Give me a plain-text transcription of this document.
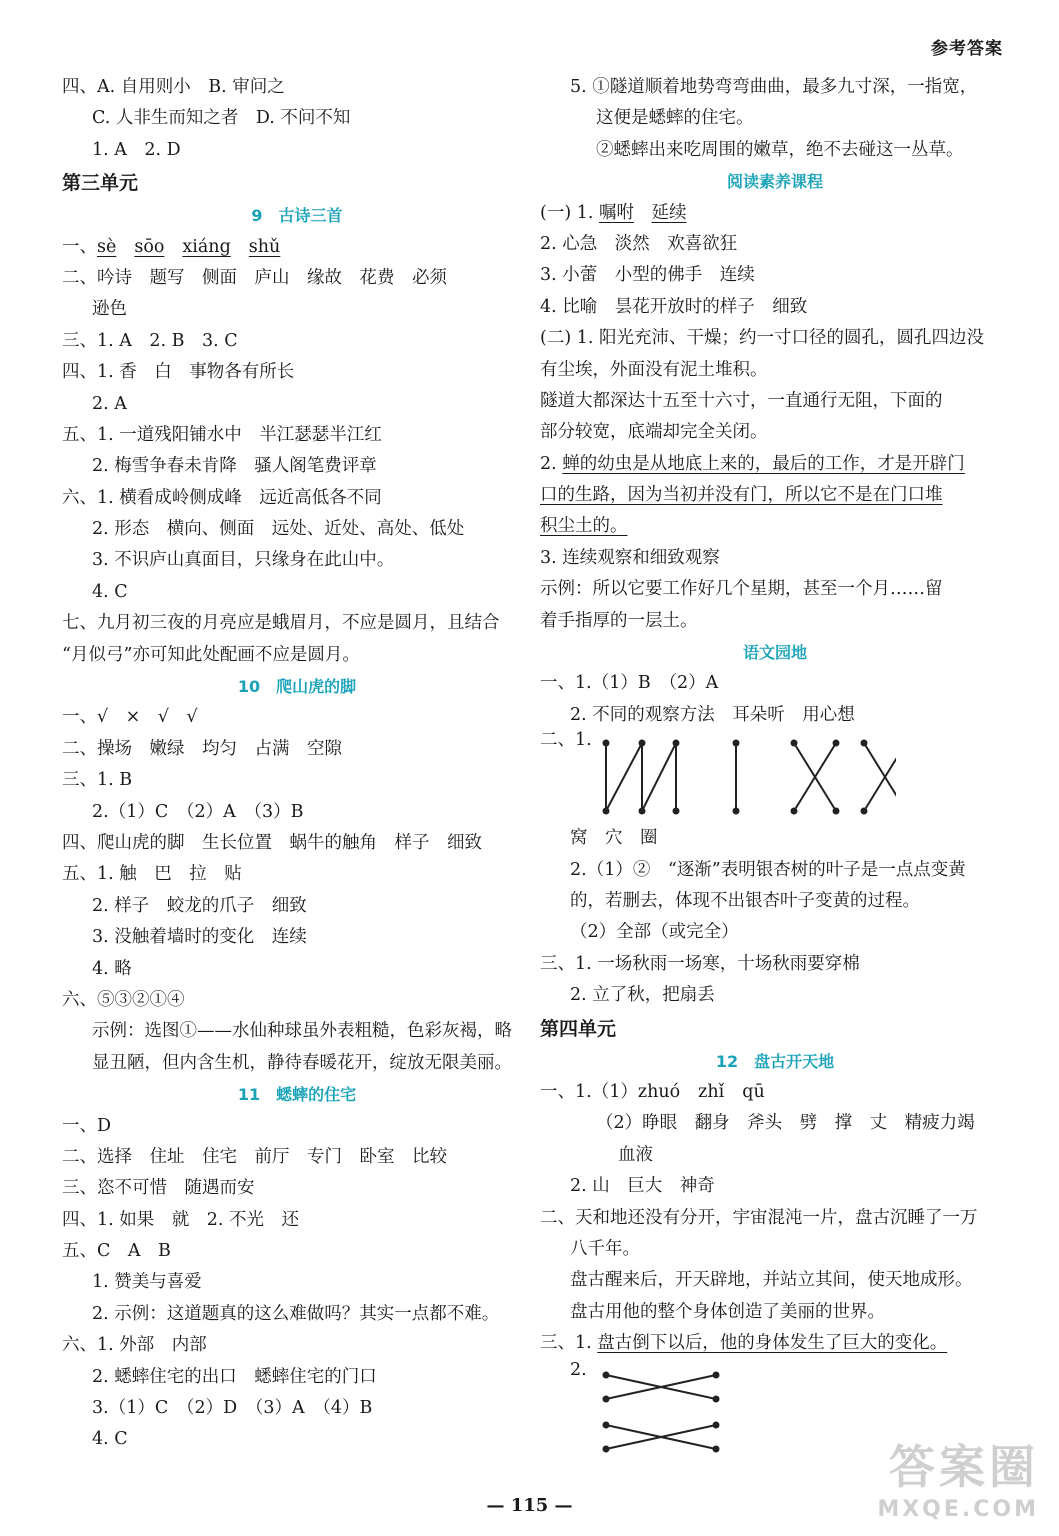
参考答案
四、A. 自用则小　B. 审问之
C. 人非生而知之者　D. 不问不知
1. A　2. D
第三单元
9　古诗三首
一、sè sōo xiáng shǔ
二、吟诗　题写　侧面　庐山　缘故　花费　必须
逊色
三、1. A　2. B　3. C
四、1. 香　白　事物各有所长
2. A
五、1. 一道残阳铺水中　半江瑟瑟半江红
2. 梅雪争春未肯降　骚人阁笔费评章
六、1. 横看成岭侧成峰　远近高低各不同
2. 形态　横向、侧面　远处、近处、高处、低处
3. 不识庐山真面目，只缘身在此山中。
4. C
七、九月初三夜的月亮应是蛾眉月，不应是圆月，且结合
“月似弓”亦可知此处配画不应是圆月。
10　爬山虎的脚
一、√　×　√　√
二、操场　嫩绿　均匀　占满　空隙
三、1. B
2.（1）C　（2）A　（3）B
四、爬山虎的脚　生长位置　蜗牛的触角　样子　细致
五、1. 触　巴　拉　贴
2. 样子　蛟龙的爪子　细致
3. 没触着墙时的变化　连续
4. 略
六、⑤③②①④
示例：选图①——水仙种球虽外表粗糙，色彩灰褐，略
显丑陋，但内含生机，静待春暖花开，绽放无限美丽。
11　蟋蟀的住宅
一、D
二、选择　住址　住宅　前厅　专门　卧室　比较
三、恣不可惜　随遇而安
四、1. 如果　就　2. 不光　还
五、C　A　B
1. 赞美与喜爱
2. 示例：这道题真的这么难做吗？其实一点都不难。
六、1. 外部　内部
2. 蟋蟀住宅的出口　蟋蟀住宅的门口
3.（1）C　（2）D　（3）A　（4）B
4. C
5. ①隧道顺着地势弯弯曲曲，最多九寸深，一指宽，
这便是蟋蟀的住宅。
②蟋蟀出来吃周围的嫩草，绝不去碰这一丛草。
阅读素养课程
(一) 1. 嘱咐　 延续
2. 心急　淡然　欢喜欲狂
3. 小蕾　小型的佛手　连续
4. 比喻　昙花开放时的样子　细致
(二) 1. 阳光充沛、干燥；约一寸口径的圆孔，圆孔四边没
有尘埃，外面没有泥土堆积。
隧道大都深达十五至十六寸，一直通行无阻，下面的
部分较宽，底端却完全关闭。
2. 蝉的幼虫是从地底上来的，最后的工作，才是开辟门
口的生路，因为当初并没有门，所以它不是在门口堆
积尘土的。
3. 连续观察和细致观察
示例：所以它要工作好几个星期，甚至一个月……留
着手指厚的一层土。
语文园地
一、1.（1）B　（2）A
2. 不同的观察方法　耳朵听　用心想
二、1.
窝　穴　圈
2.（1）②　“逐渐”表明银杏树的叶子是一点点变黄
的，若删去，体现不出银杏叶子变黄的过程。
（2）全部（或完全）
三、1. 一场秋雨一场寒，十场秋雨要穿棉
2. 立了秋，把扇丢
第四单元
12　盘古开天地
一、1.（1）zhuó zhǐ qū
（2）睁眼　翻身　斧头　劈　撑　丈　精疲力竭
血液
2. 山　巨大　神奇
二、天和地还没有分开，宇宙混沌一片，盘古沉睡了一万
八千年。
盘古醒来后，开天辟地，并站立其间，使天地成形。
盘古用他的整个身体创造了美丽的世界。
三、1. 盘古倒下以后，他的身体发生了巨大的变化。
2.
— 115 —
答案圈
MXQE.COM
